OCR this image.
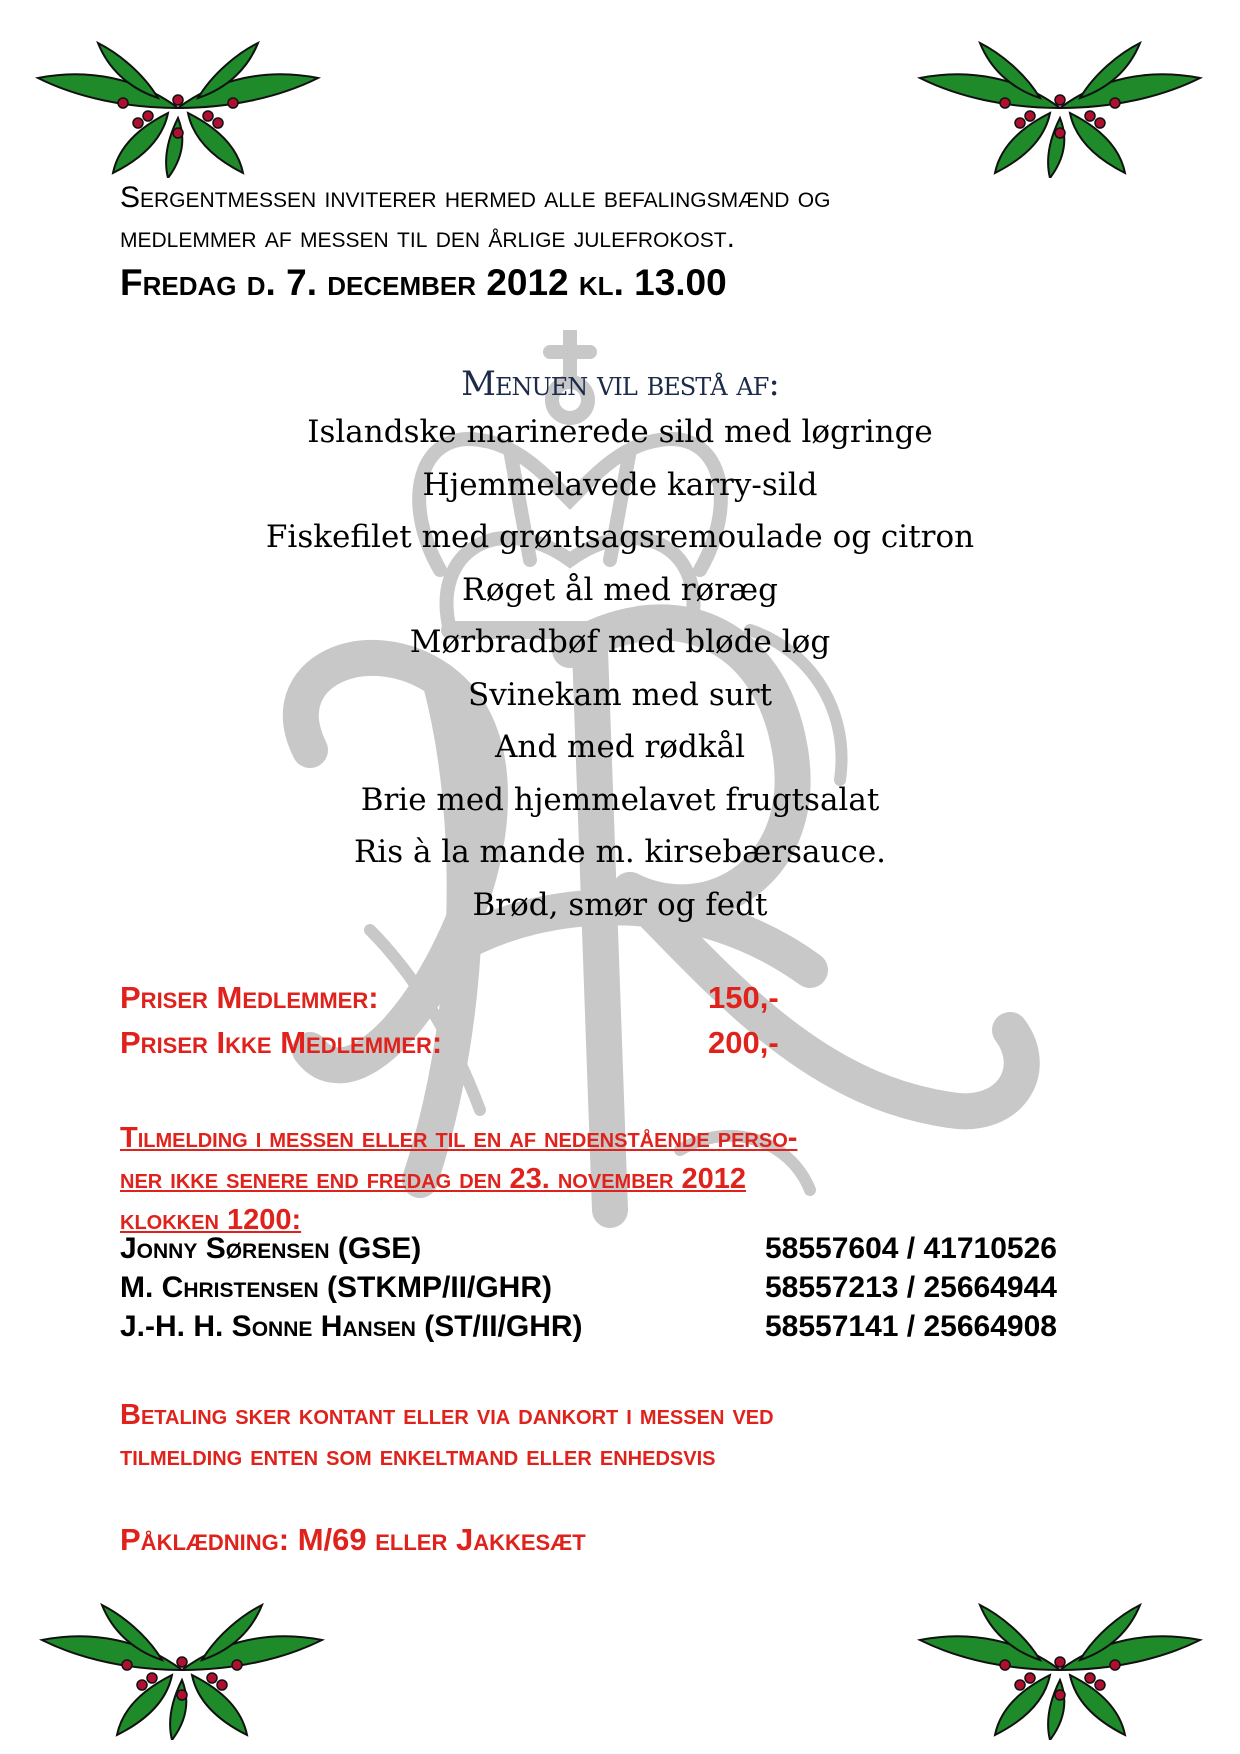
Sergentmessen inviterer hermed alle befalingsmænd og
medlemmer af messen til den årlige julefrokost.
Fredag d. 7. december 2012 kl. 13.00
Menuen vil bestå af:
Islandske marinerede sild med løgringe
Hjemmelavede karry-sild
Fiskefilet med grøntsagsremoulade og citron
Røget ål med røræg
Mørbradbøf med bløde løg
Svinekam med surt
And med rødkål
Brie med hjemmelavet frugtsalat
Ris à la mande m. kirsebærsauce.
Brød, smør og fedt
Priser Medlemmer:	150,-
Priser Ikke Medlemmer:	200,-
Tilmelding i messen eller til en af nedenstående perso-
ner ikke senere end fredag den 23. november 2012
klokken 1200:
Jonny Sørensen (GSE)	58557604 / 41710526
M. Christensen (STKMP/II/GHR)	58557213 / 25664944
J.-H. H. Sonne Hansen (ST/II/GHR)	58557141 / 25664908
Betaling sker kontant eller via dankort i messen ved
tilmelding enten som enkeltmand eller enhedsvis
Påklædning: M/69 eller Jakkesæt
